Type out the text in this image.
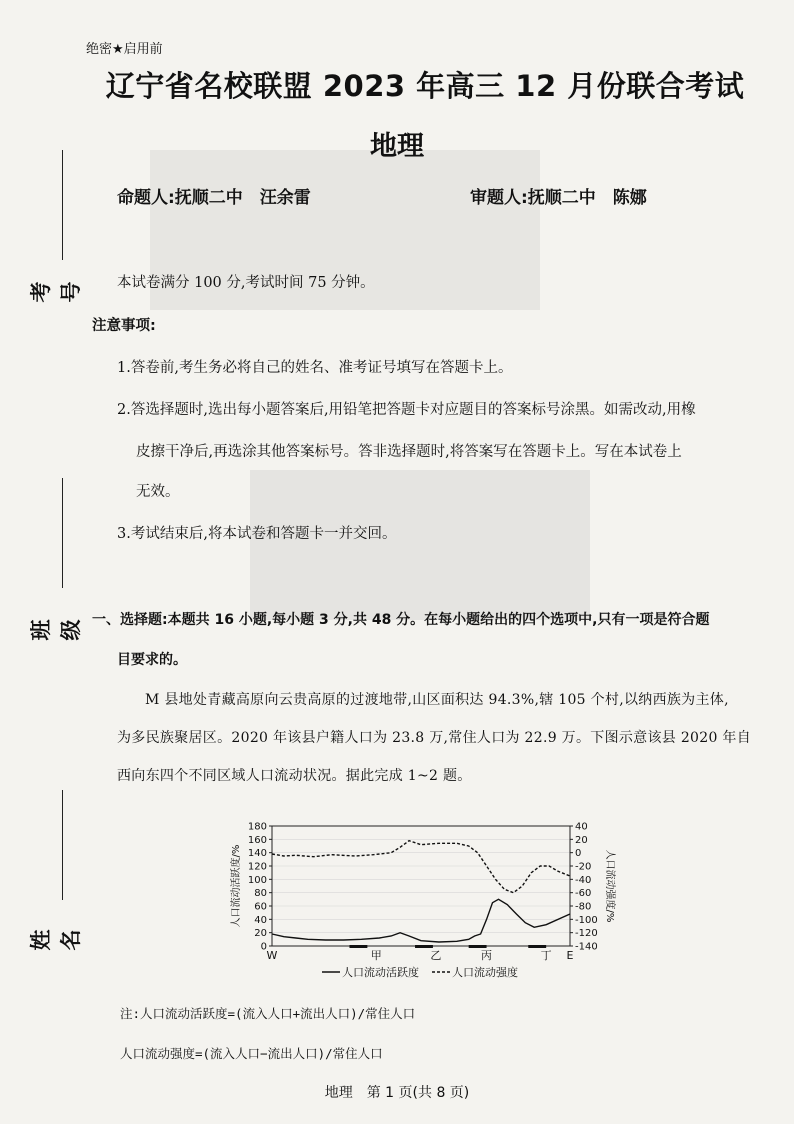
绝密★启用前
辽宁省名校联盟 2023 年高三 12 月份联合考试
地理
命题人:抚顺二中　汪余雷	审题人:抚顺二中　陈娜
考号
班级
姓名
本试卷满分 100 分,考试时间 75 分钟。
注意事项:
1.答卷前,考生务必将自己的姓名、准考证号填写在答题卡上。
2.答选择题时,选出每小题答案后,用铅笔把答题卡对应题目的答案标号涂黑。如需改动,用橡
皮擦干净后,再选涂其他答案标号。答非选择题时,将答案写在答题卡上。写在本试卷上
无效。
3.考试结束后,将本试卷和答题卡一并交回。
一、选择题:本题共 16 小题,每小题 3 分,共 48 分。在每小题给出的四个选项中,只有一项是符合题
目要求的。
M 县地处青藏高原向云贵高原的过渡地带,山区面积达 94.3%,辖 105 个村,以纳西族为主体,
为多民族聚居区。2020 年该县户籍人口为 23.8 万,常住人口为 22.9 万。下图示意该县 2020 年自
西向东四个不同区域人口流动状况。据此完成 1~2 题。
0
20
40
60
80
100
120
140
160
180
-140
-120
-100
-80
-60
-40
-20
0
20
40
人口流动活跃度/%	人口流动强度/%
W	甲	乙	丙	丁 E
人口流动活跃度	人口流动强度
注:人口流动活跃度=(流入人口+流出人口)/常住人口
人口流动强度=(流入人口−流出人口)/常住人口
地理　第 1 页(共 8 页)
